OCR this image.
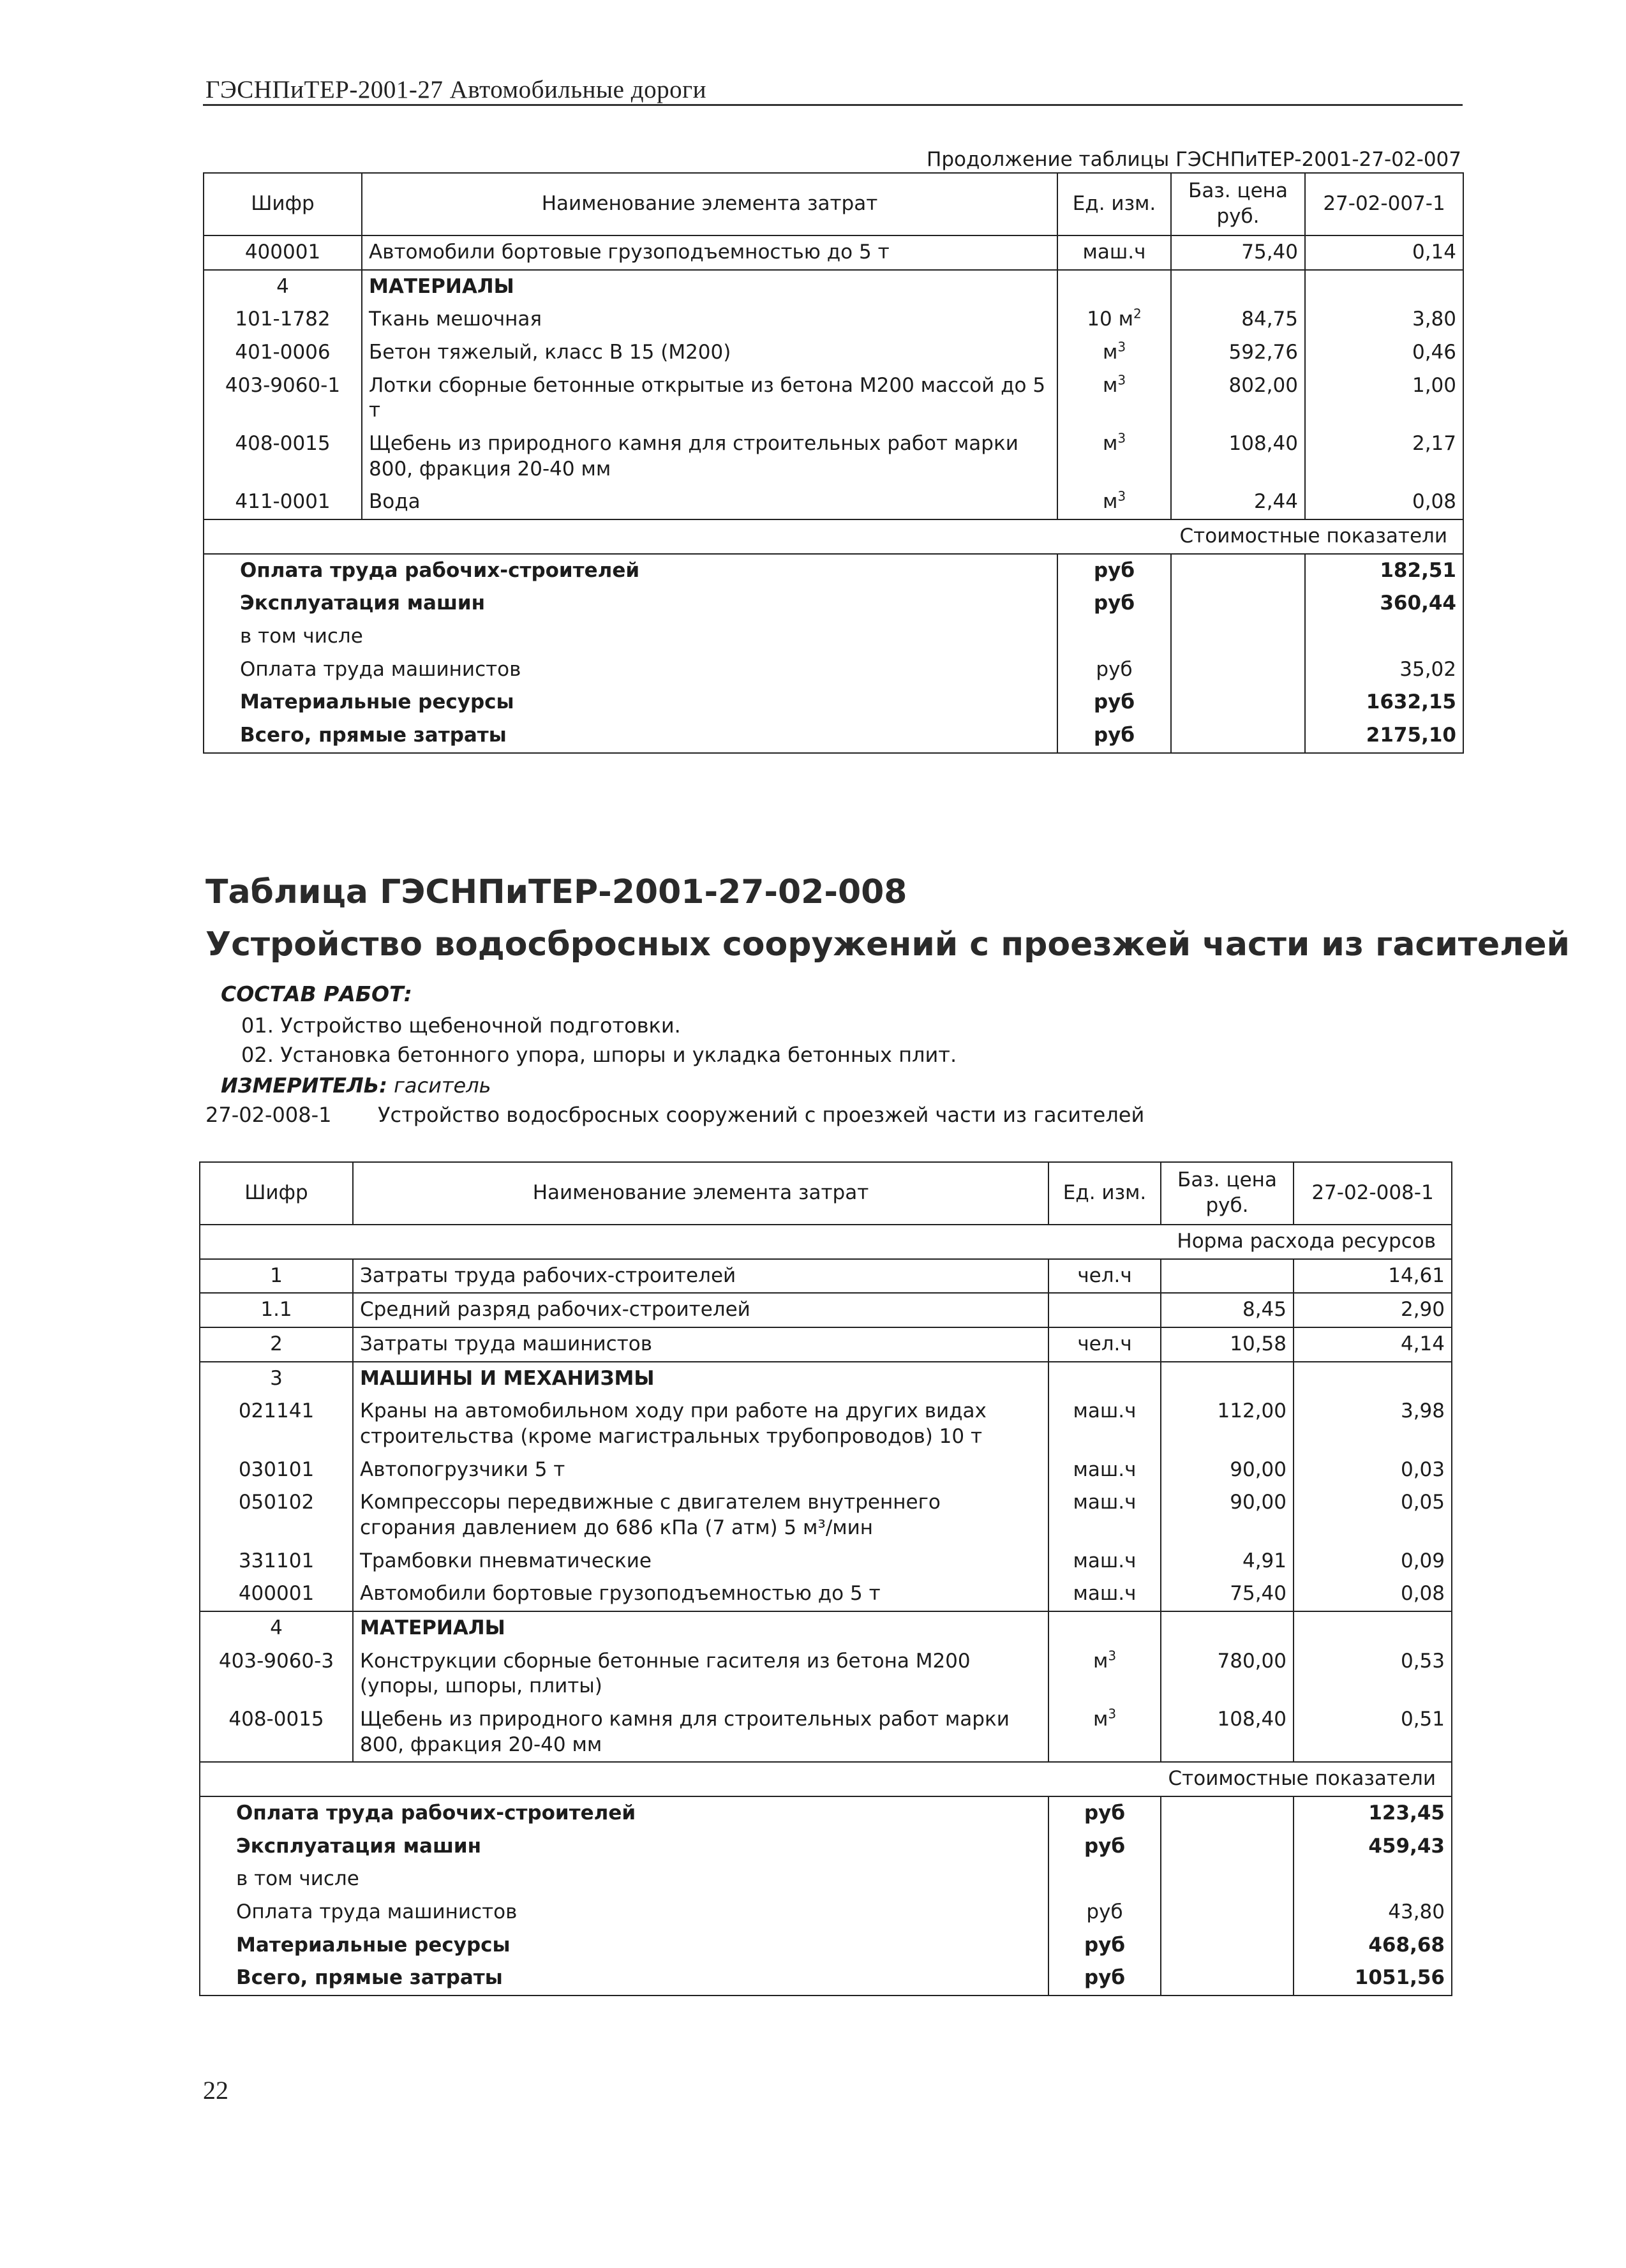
ГЭСНПиТЕР-2001-27 Автомобильные дороги
Продолжение таблицы ГЭСНПиТЕР-2001-27-02-007
Шифр	Наименование элемента затрат	Ед. изм.	Баз. цена руб.	27-02-007-1
400001	Автомобили бортовые грузоподъемностью до 5 т	маш.ч	75,40	0,14
4	МАТЕРИАЛЫ			
101-1782	Ткань мешочная	10 $м^2$	84,75	3,80
401-0006	Бетон тяжелый, класс В 15 (М200)	$м^3$	592,76	0,46
403-9060-1	Лотки сборные бетонные открытые из бетона М200 массой до 5 т	$м^3$	802,00	1,00
408-0015	Щебень из природного камня для строительных работ марки 800, фракция 20-40 мм	$м^3$	108,40	2,17
411-0001	Вода	$м^3$	2,44	0,08
Стоимостные показатели				
Оплата труда рабочих-строителей		руб		182,51
Эксплуатация машин		руб		360,44
в том числе				
Оплата труда машинистов		руб		35,02
Материальные ресурсы		руб		1632,15
Всего, прямые затраты		руб		2175,10
Таблица ГЭСНПиТЕР-2001-27-02-008
Устройство водосбросных сооружений с проезжей части из гасителей
СОСТАВ РАБОТ:
01. Устройство щебеночной подготовки.
02. Установка бетонного упора, шпоры и укладка бетонных плит.
ИЗМЕРИТЕЛЬ: гаситель
27-02-008-1 Устройство водосбросных сооружений с проезжей части из гасителей
Шифр	Наименование элемента затрат	Ед. изм.	Баз. цена руб.	27-02-008-1
Норма расхода ресурсов				
1	Затраты труда рабочих-строителей	чел.ч		14,61
1.1	Средний разряд рабочих-строителей		8,45	2,90
2	Затраты труда машинистов	чел.ч	10,58	4,14
3	МАШИНЫ И МЕХАНИЗМЫ			
021141	Краны на автомобильном ходу при работе на других видах строительства (кроме магистральных трубопроводов) 10 т	маш.ч	112,00	3,98
030101	Автопогрузчики 5 т	маш.ч	90,00	0,03
050102	Компрессоры передвижные с двигателем внутреннего сгорания давлением до 686 кПа (7 атм) 5 м³/мин	маш.ч	90,00	0,05
331101	Трамбовки пневматические	маш.ч	4,91	0,09
400001	Автомобили бортовые грузоподъемностью до 5 т	маш.ч	75,40	0,08
4	МАТЕРИАЛЫ			
403-9060-3	Конструкции сборные бетонные гасителя из бетона М200 (упоры, шпоры, плиты)	$м^3$	780,00	0,53
408-0015	Щебень из природного камня для строительных работ марки 800, фракция 20-40 мм	$м^3$	108,40	0,51
Стоимостные показатели				
Оплата труда рабочих-строителей		руб		123,45
Эксплуатация машин		руб		459,43
в том числе				
Оплата труда машинистов		руб		43,80
Материальные ресурсы		руб		468,68
Всего, прямые затраты		руб		1051,56
22
